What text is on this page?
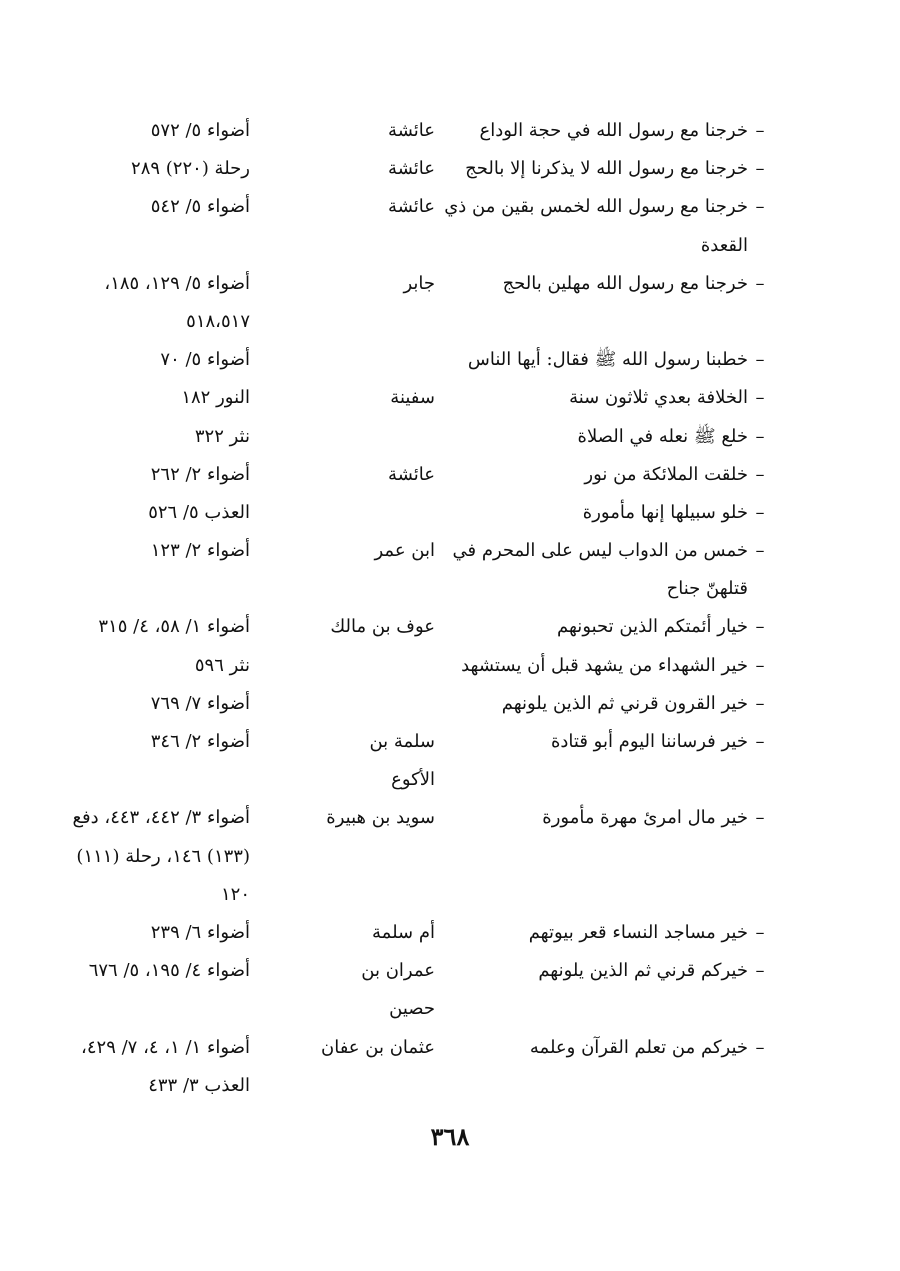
–
خرجنا مع رسول الله في حجة الوداع
عائشة
أضواء ٥/ ٥٧٢
–
خرجنا مع رسول الله لا يذكرنا إلا بالحج
عائشة
رحلة (٢٢٠) ٢٨٩
–
خرجنا مع رسول الله لخمس بقين من ذي
عائشة
أضواء ٥/ ٥٤٢
القعدة
–
خرجنا مع رسول الله مهلين بالحج
جابر
أضواء ٥/ ١٢٩، ١٨٥،
٥١٨،٥١٧
–
خطبنا رسول الله ﷺ فقال: أيها الناس
أضواء ٥/ ٧٠
–
الخلافة بعدي ثلاثون سنة
سفينة
النور ١٨٢
–
خلع ﷺ نعله في الصلاة
نثر ٣٢٢
–
خلقت الملائكة من نور
عائشة
أضواء ٢/ ٢٦٢
–
خلو سبيلها إنها مأمورة
العذب ٥/ ٥٢٦
–
خمس من الدواب ليس على المحرم في
ابن عمر
أضواء ٢/ ١٢٣
قتلهنّ جناح
–
خيار أئمتكم الذين تحبونهم
عوف بن مالك
أضواء ١/ ٥٨، ٤/ ٣١٥
–
خير الشهداء من يشهد قبل أن يستشهد
نثر ٥٩٦
–
خير القرون قرني ثم الذين يلونهم
أضواء ٧/ ٧٦٩
–
خير فرساننا اليوم أبو قتادة
سلمة بن
أضواء ٢/ ٣٤٦
الأكوع
–
خير مال امرئ مهرة مأمورة
سويد بن هبيرة
أضواء ٣/ ٤٤٢، ٤٤٣، دفع
(١٣٣) ١٤٦، رحلة (١١١)
١٢٠
–
خير مساجد النساء قعر بيوتهم
أم سلمة
أضواء ٦/ ٢٣٩
–
خيركم قرني ثم الذين يلونهم
عمران بن
أضواء ٤/ ١٩٥، ٥/ ٦٧٦
حصين
–
خيركم من تعلم القرآن وعلمه
عثمان بن عفان
أضواء ١/ ١، ٤، ٧/ ٤٢٩،
العذب ٣/ ٤٣٣
٣٦٨
